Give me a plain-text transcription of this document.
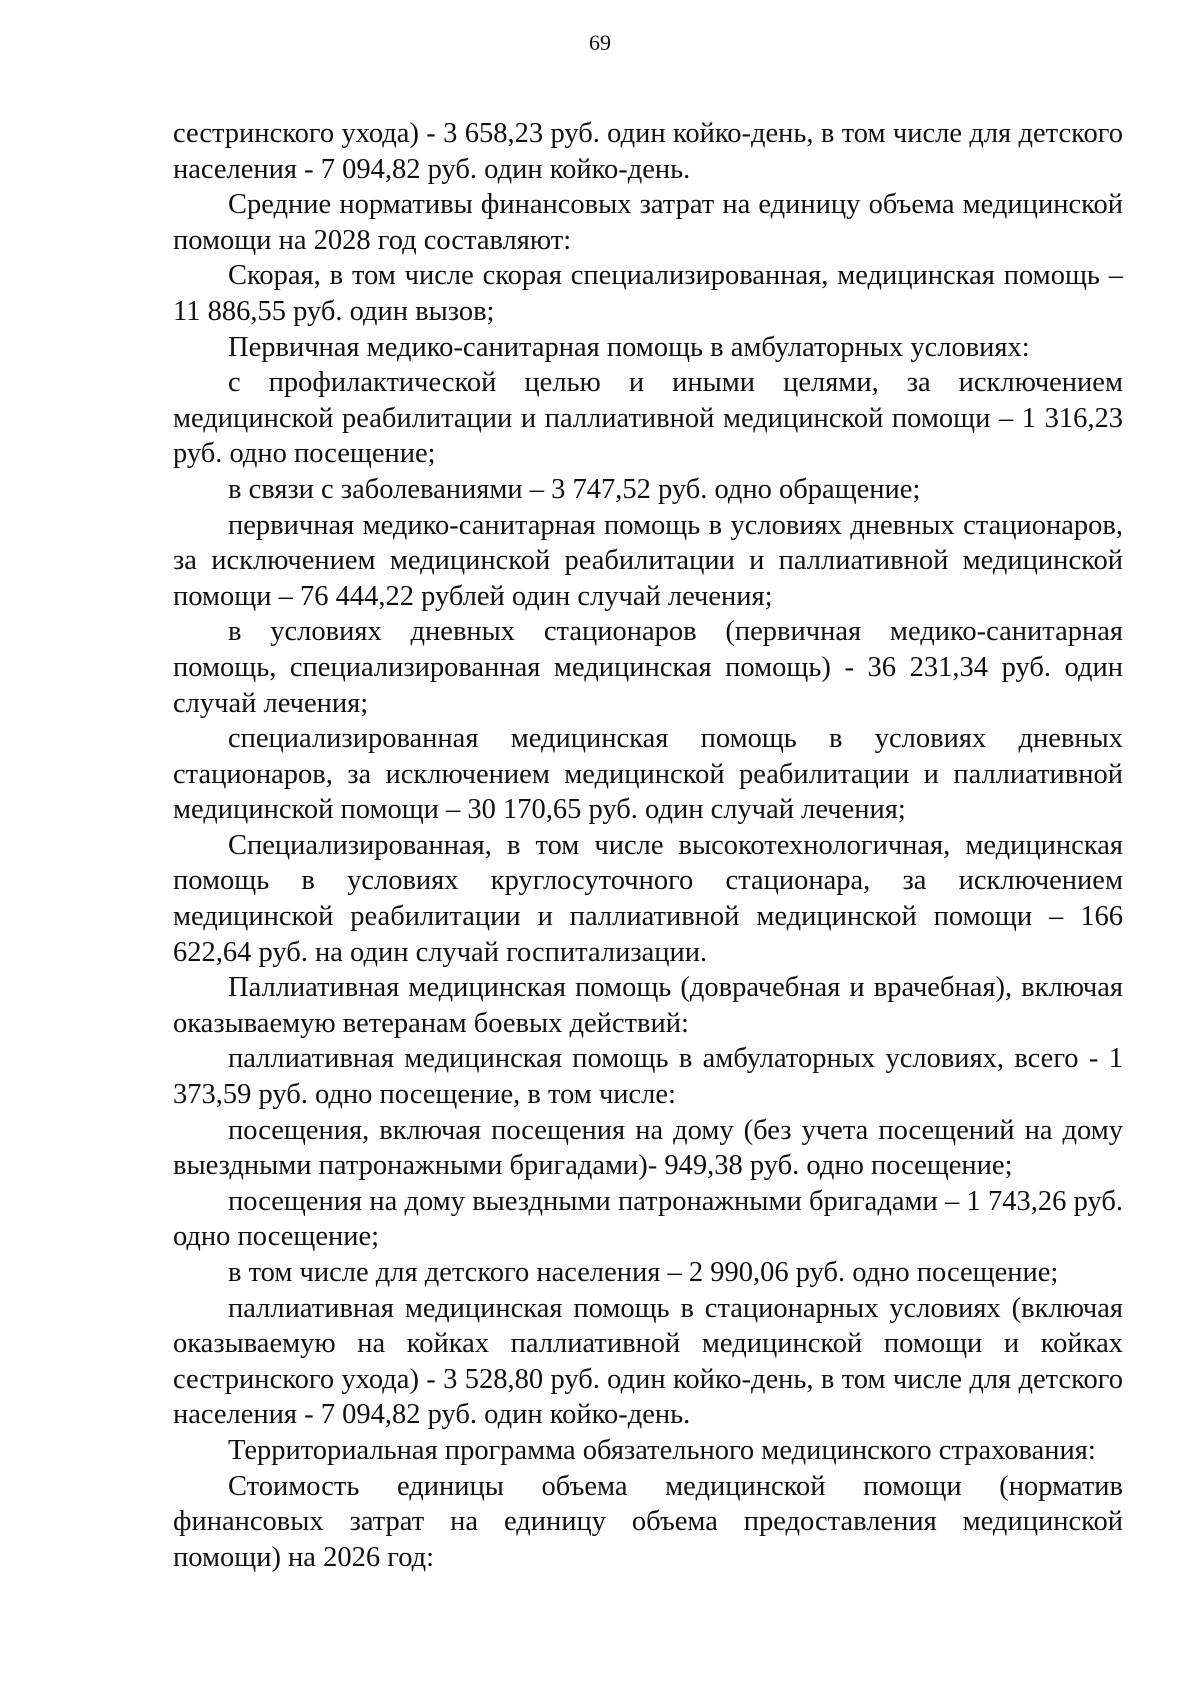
69

сестринского ухода) - 3 658,23 руб. один койко-день, в том числе для детского населения - 7 094,82 руб. один койко-день.

Средние нормативы финансовых затрат на единицу объема медицинской помощи на 2028 год составляют:

Скорая, в том числе скорая специализированная, медицинская помощь – 11 886,55 руб. один вызов;

Первичная медико-санитарная помощь в амбулаторных условиях:

с профилактической целью и иными целями, за исключением медицинской реабилитации и паллиативной медицинской помощи – 1 316,23 руб. одно посещение;

в связи с заболеваниями – 3 747,52 руб. одно обращение;

первичная медико-санитарная помощь в условиях дневных стационаров, за исключением медицинской реабилитации и паллиативной медицинской помощи – 76 444,22 рублей один случай лечения;

в условиях дневных стационаров (первичная медико-санитарная помощь, специализированная медицинская помощь) - 36 231,34 руб. один случай лечения;

специализированная медицинская помощь в условиях дневных стационаров, за исключением медицинской реабилитации и паллиативной медицинской помощи – 30 170,65 руб. один случай лечения;

Специализированная, в том числе высокотехнологичная, медицинская помощь в условиях круглосуточного стационара, за исключением медицинской реабилитации и паллиативной медицинской помощи – 166 622,64 руб. на один случай госпитализации.

Паллиативная медицинская помощь (доврачебная и врачебная), включая оказываемую ветеранам боевых действий:

паллиативная медицинская помощь в амбулаторных условиях, всего - 1 373,59 руб. одно посещение, в том числе:

посещения, включая посещения на дому (без учета посещений на дому выездными патронажными бригадами)- 949,38 руб. одно посещение;

посещения на дому выездными патронажными бригадами – 1 743,26 руб. одно посещение;

в том числе для детского населения – 2 990,06 руб. одно посещение;

паллиативная медицинская помощь в стационарных условиях (включая оказываемую на койках паллиативной медицинской помощи и койках сестринского ухода) - 3 528,80 руб. один койко-день, в том числе для детского населения - 7 094,82 руб. один койко-день.

Территориальная программа обязательного медицинского страхования:

Стоимость единицы объема медицинской помощи (норматив финансовых затрат на единицу объема предоставления медицинской помощи) на 2026 год:
